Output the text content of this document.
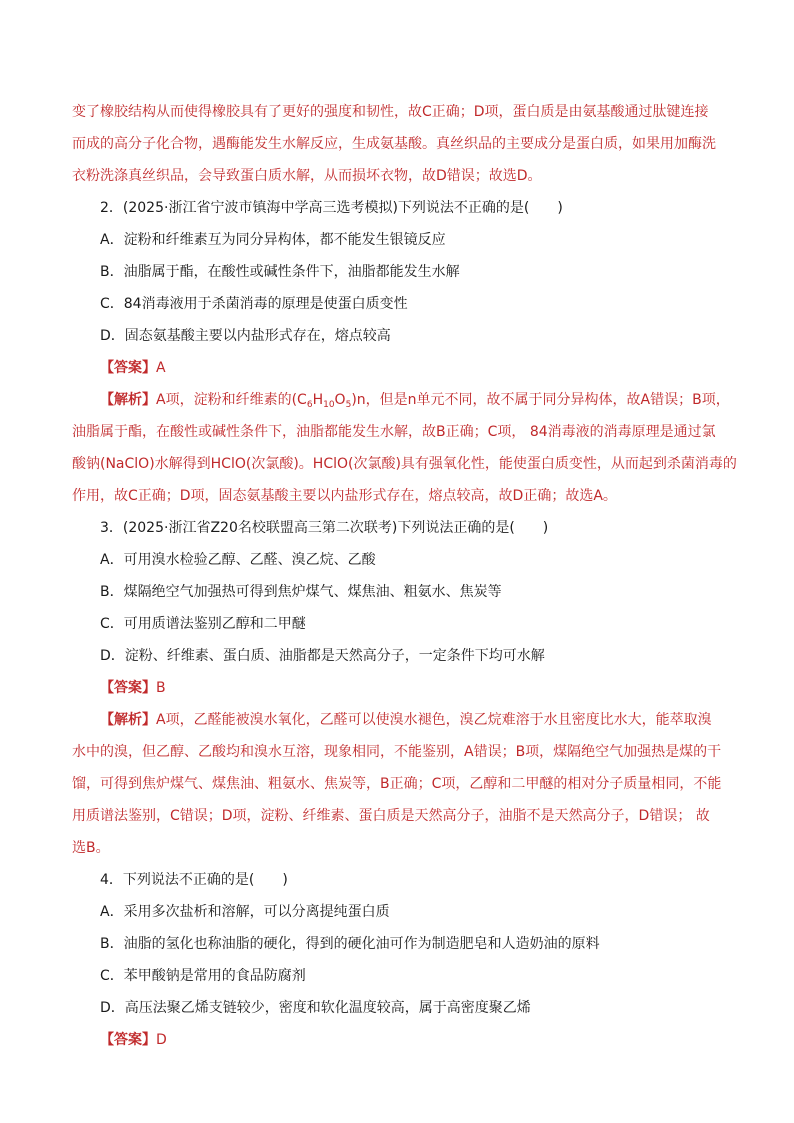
变了橡胶结构从而使得橡胶具有了更好的强度和韧性，故C正确；D项，蛋白质是由氨基酸通过肽键连接
而成的高分子化合物，遇酶能发生水解反应，生成氨基酸。真丝织品的主要成分是蛋白质，如果用加酶洗
衣粉洗涤真丝织品，会导致蛋白质水解，从而损坏衣物，故D错误；故选D。
2．(2025·浙江省宁波市镇海中学高三选考模拟)下列说法不正确的是(　　)
A．淀粉和纤维素互为同分异构体，都不能发生银镜反应
B．油脂属于酯，在酸性或碱性条件下，油脂都能发生水解
C．84消毒液用于杀菌消毒的原理是使蛋白质变性
D．固态氨基酸主要以内盐形式存在，熔点较高
【答案】A
【解析】A项，淀粉和纤维素的$(C_6H_{10}O_5)n$，但是n单元不同，故不属于同分异构体，故A错误；B项，
油脂属于酯，在酸性或碱性条件下，油脂都能发生水解，故B正确；C项， 84消毒液的消毒原理是通过氯
酸钠(NaClO)水解得到HClO(次氯酸)。HClO(次氯酸)具有强氧化性，能使蛋白质变性，从而起到杀菌消毒的
作用，故C正确；D项，固态氨基酸主要以内盐形式存在，熔点较高，故D正确；故选A。
3．(2025·浙江省Z20名校联盟高三第二次联考)下列说法正确的是(　　)
A．可用溴水检验乙醇、乙醛、溴乙烷、乙酸
B．煤隔绝空气加强热可得到焦炉煤气、煤焦油、粗氨水、焦炭等
C．可用质谱法鉴别乙醇和二甲醚
D．淀粉、纤维素、蛋白质、油脂都是天然高分子，一定条件下均可水解
【答案】B
【解析】A项，乙醛能被溴水氧化，乙醛可以使溴水褪色，溴乙烷难溶于水且密度比水大，能萃取溴
水中的溴，但乙醇、乙酸均和溴水互溶，现象相同，不能鉴别，A错误；B项，煤隔绝空气加强热是煤的干
馏，可得到焦炉煤气、煤焦油、粗氨水、焦炭等，B正确；C项，乙醇和二甲醚的相对分子质量相同，不能
用质谱法鉴别，C错误；D项，淀粉、纤维素、蛋白质是天然高分子，油脂不是天然高分子，D错误； 故
选B。
4．下列说法不正确的是(　　)
A．采用多次盐析和溶解，可以分离提纯蛋白质
B．油脂的氢化也称油脂的硬化，得到的硬化油可作为制造肥皂和人造奶油的原料
C．苯甲酸钠是常用的食品防腐剂
D．高压法聚乙烯支链较少，密度和软化温度较高，属于高密度聚乙烯
【答案】D
